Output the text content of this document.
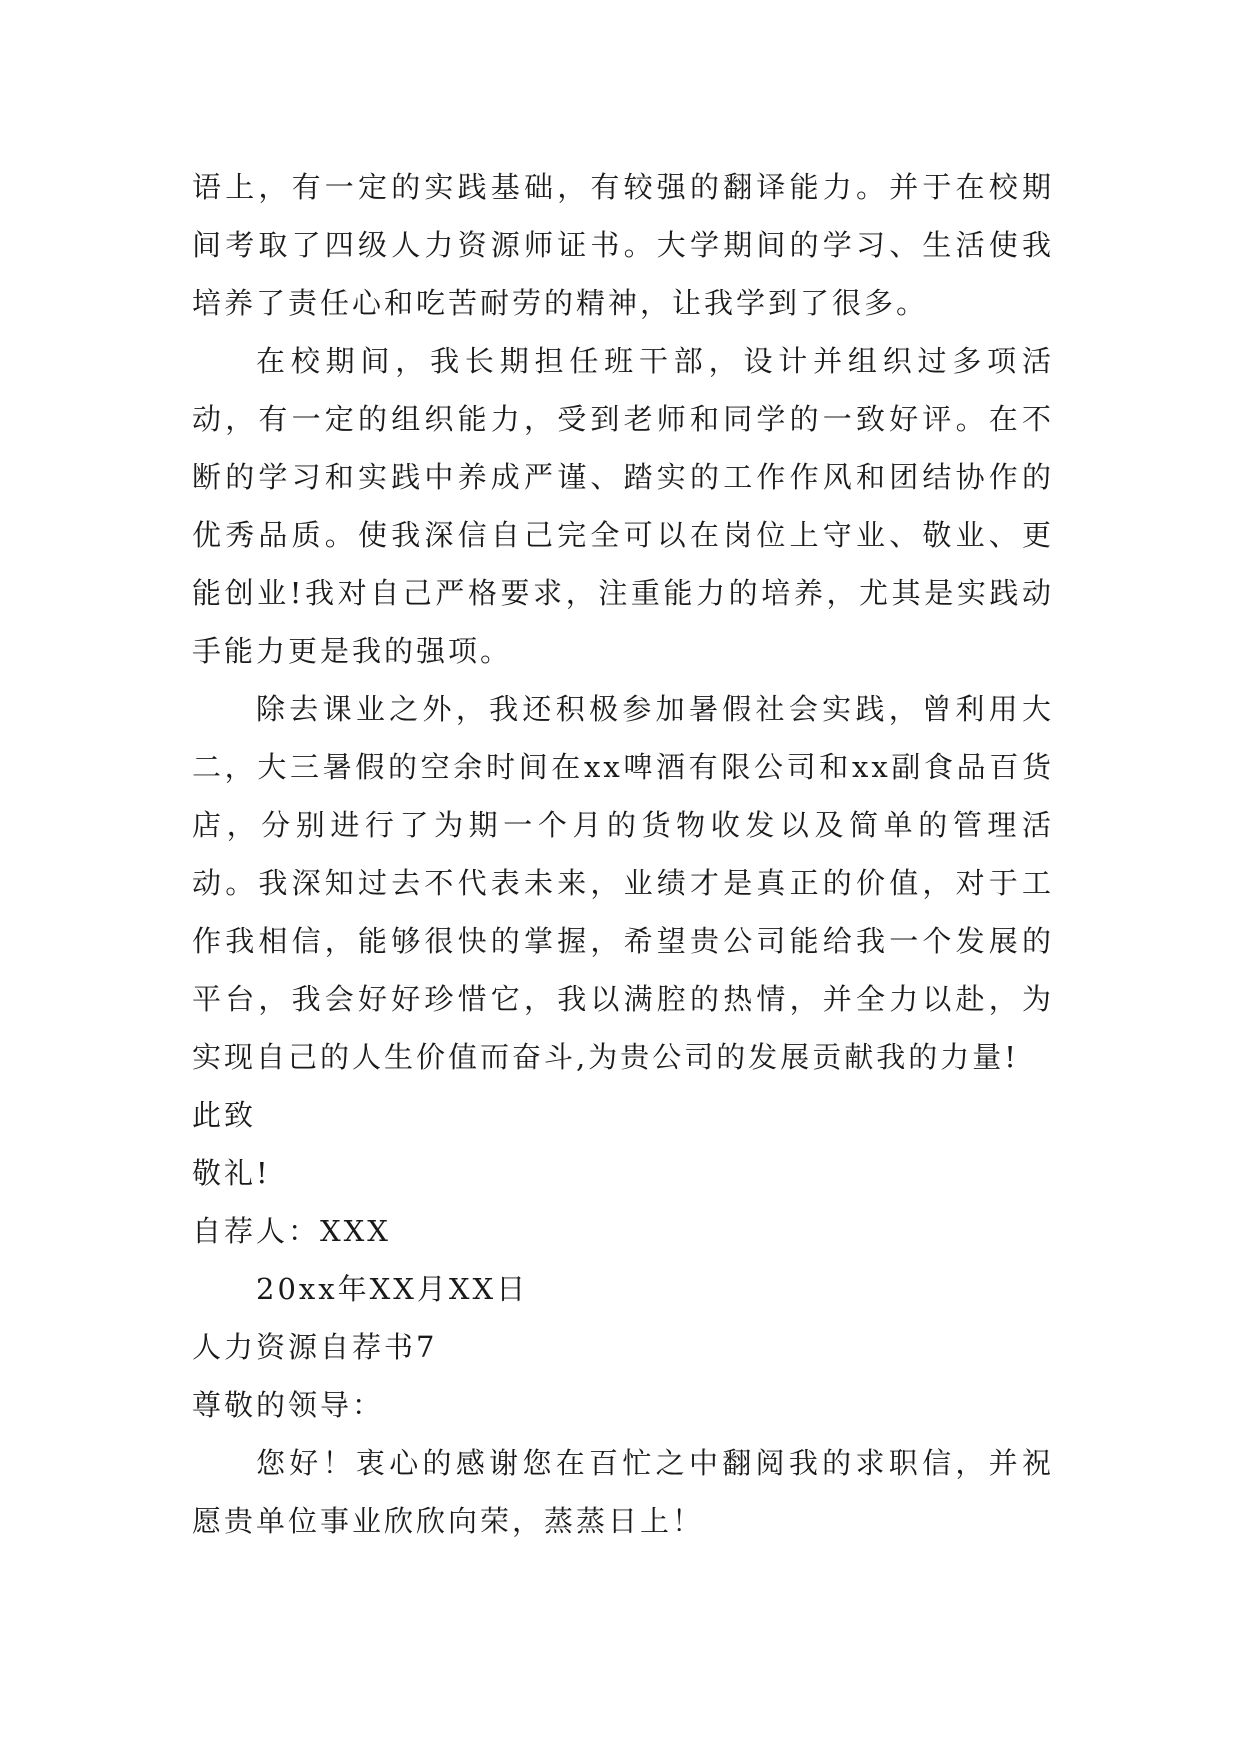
语上，有一定的实践基础，有较强的翻译能力。并于在校期间考取了四级人力资源师证书。大学期间的学习、生活使我培养了责任心和吃苦耐劳的精神，让我学到了很多。

在校期间，我长期担任班干部，设计并组织过多项活动，有一定的组织能力，受到老师和同学的一致好评。在不断的学习和实践中养成严谨、踏实的工作作风和团结协作的优秀品质。使我深信自己完全可以在岗位上守业、敬业、更能创业!我对自己严格要求，注重能力的培养，尤其是实践动手能力更是我的强项。

除去课业之外，我还积极参加暑假社会实践，曾利用大二，大三暑假的空余时间在xx啤酒有限公司和xx副食品百货店，分别进行了为期一个月的货物收发以及简单的管理活动。我深知过去不代表未来，业绩才是真正的价值，对于工作我相信，能够很快的掌握，希望贵公司能给我一个发展的平台，我会好好珍惜它，我以满腔的热情，并全力以赴，为实现自己的人生价值而奋斗,为贵公司的发展贡献我的力量!

此致

敬礼!

自荐人：XXX

20xx年XX月XX日

人力资源自荐书7

尊敬的领导：

您好！衷心的感谢您在百忙之中翻阅我的求职信，并祝愿贵单位事业欣欣向荣，蒸蒸日上！
